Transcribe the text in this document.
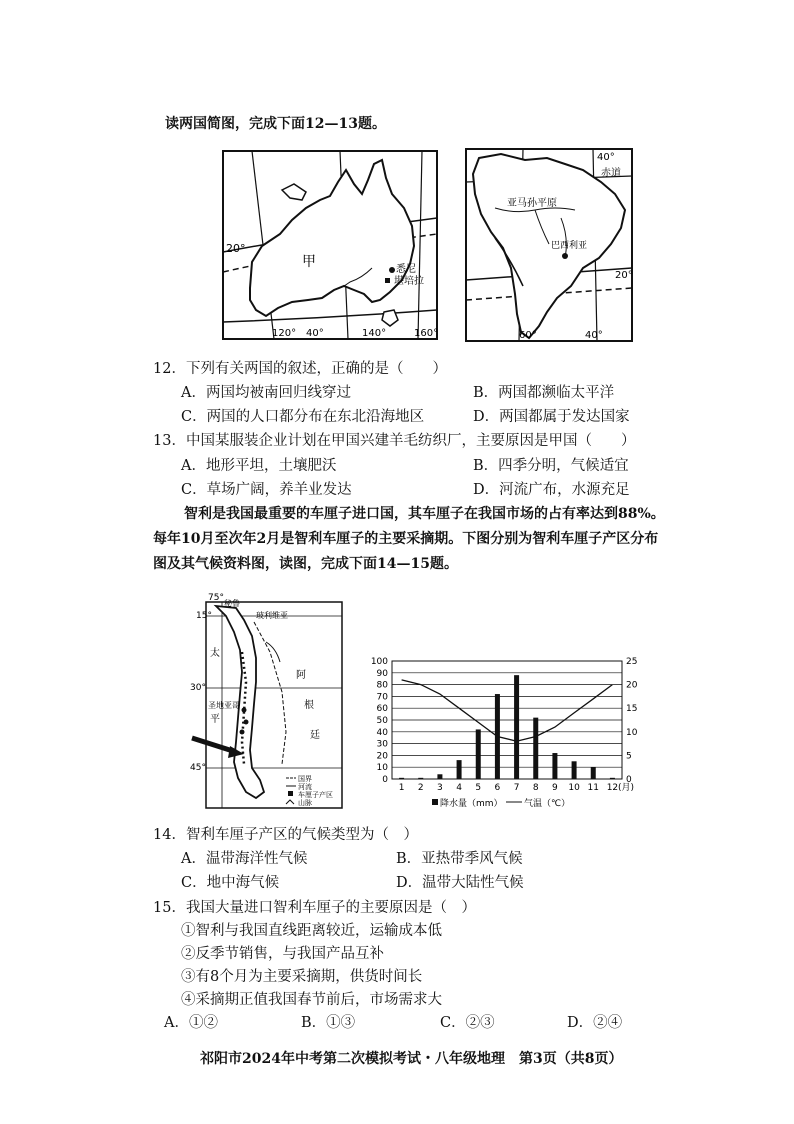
读两国简图，完成下面12—13题。
20°
甲	悉尼
堪培拉
120° 40°	140°	160°
40°
赤道
亚马孙平原
巴西利亚
20°
60°	40°
12．下列有关两国的叙述，正确的是（　　）
A．两国均被南回归线穿过	B．两国都濒临太平洋
C．两国的人口都分布在东北沿海地区	D．两国都属于发达国家
13．中国某服装企业计划在甲国兴建羊毛纺织厂，主要原因是甲国（　　）
A．地形平坦，土壤肥沃	B．四季分明，气候适宜
C．草场广阔，养羊业发达	D．河流广布，水源充足
智利是我国最重要的车厘子进口国，其车厘子在我国市场的占有率达到88%。
每年10月至次年2月是智利车厘子的主要采摘期。下图分别为智利车厘子产区分布
图及其气候资料图，读图，完成下面14—15题。
75°
15°
30°
45°
秘鲁
玻利维亚
太
平
圣地亚哥
阿
根
廷
国界
河流
车厘子产区
山脉
0
10
20
30
40
50
60
70
80
90
100
0
5
10
15
20
25
1 2 3 4 5 6 7 8 9 10 11 12 (月)
降水量（mm） 气温（℃）
14．智利车厘子产区的气候类型为（　）
A．温带海洋性气候	B．亚热带季风气候
C．地中海气候	D．温带大陆性气候
15．我国大量进口智利车厘子的主要原因是（　）
①智利与我国直线距离较近，运输成本低
②反季节销售，与我国产品互补
③有8个月为主要采摘期，供货时间长
④采摘期正值我国春节前后，市场需求大
A．①②	B．①③	C．②③	D．②④
祁阳市2024年中考第二次模拟考试・八年级地理　第3页（共8页）
